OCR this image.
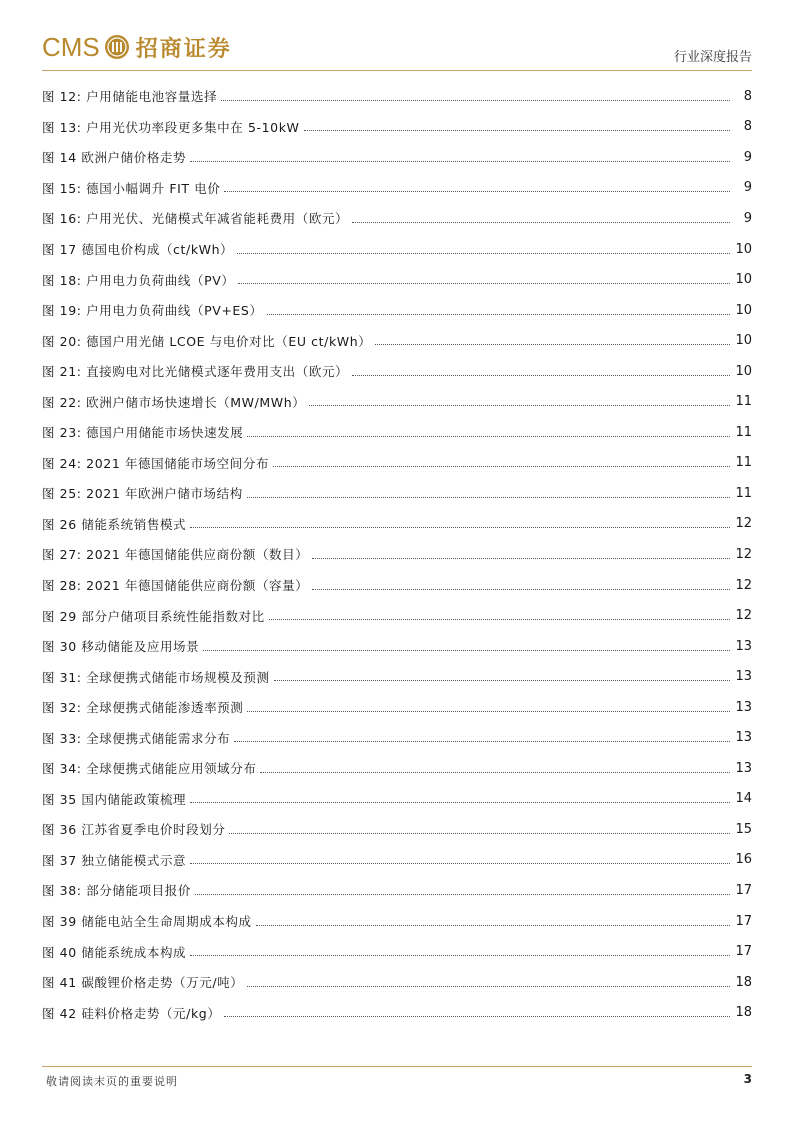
CMS 招商证券	行业深度报告
图 12: 户用储能电池容量选择	8
图 13: 户用光伏功率段更多集中在 5-10kW	8
图 14 欧洲户储价格走势	9
图 15: 德国小幅调升 FIT 电价	9
图 16: 户用光伏、光储模式年减省能耗费用（欧元）	9
图 17 德国电价构成（ct/kWh）	10
图 18: 户用电力负荷曲线（PV）	10
图 19: 户用电力负荷曲线（PV+ES）	10
图 20: 德国户用光储 LCOE 与电价对比（EU ct/kWh）	10
图 21: 直接购电对比光储模式逐年费用支出（欧元）	10
图 22: 欧洲户储市场快速增长（MW/MWh）	11
图 23: 德国户用储能市场快速发展	11
图 24: 2021 年德国储能市场空间分布	11
图 25: 2021 年欧洲户储市场结构	11
图 26 储能系统销售模式	12
图 27: 2021 年德国储能供应商份额（数目）	12
图 28: 2021 年德国储能供应商份额（容量）	12
图 29 部分户储项目系统性能指数对比	12
图 30 移动储能及应用场景	13
图 31: 全球便携式储能市场规模及预测	13
图 32: 全球便携式储能渗透率预测	13
图 33: 全球便携式储能需求分布	13
图 34: 全球便携式储能应用领域分布	13
图 35 国内储能政策梳理	14
图 36 江苏省夏季电价时段划分	15
图 37 独立储能模式示意	16
图 38: 部分储能项目报价	17
图 39 储能电站全生命周期成本构成	17
图 40 储能系统成本构成	17
图 41 碳酸锂价格走势（万元/吨）	18
图 42 硅料价格走势（元/kg）	18
敬请阅读末页的重要说明	3
